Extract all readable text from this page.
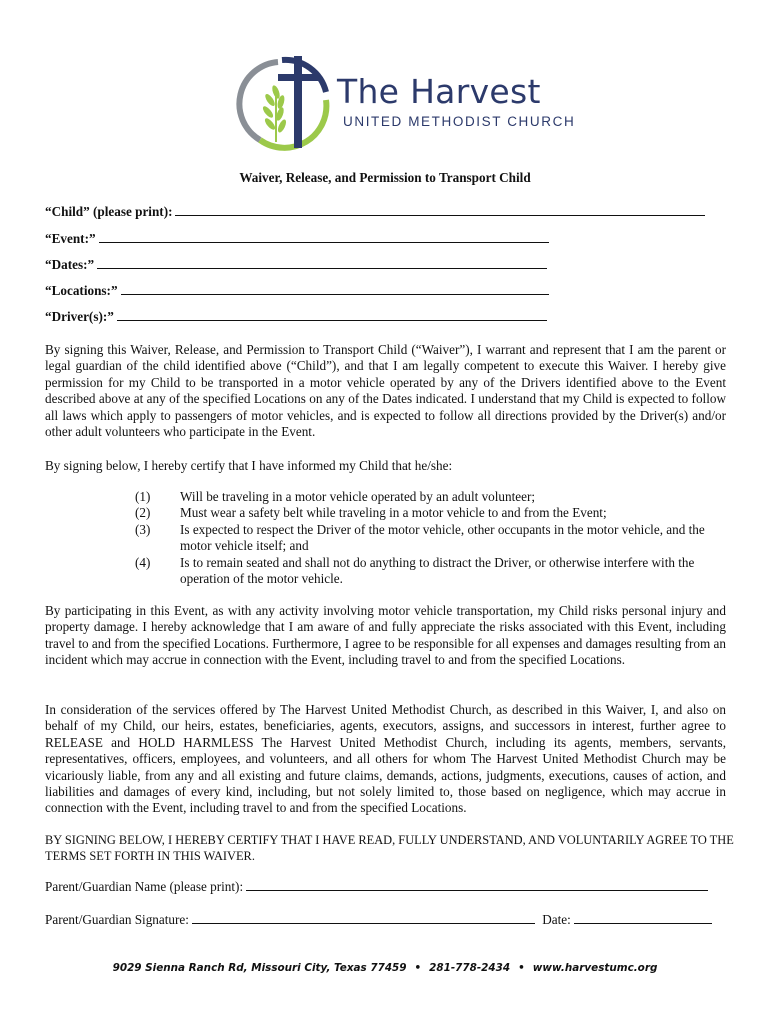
The Harvest
UNITED METHODIST CHURCH
Waiver, Release, and Permission to Transport Child
“Child” (please print):
“Event:”
“Dates:”
“Locations:”
“Driver(s):”

By signing this Waiver, Release, and Permission to Transport Child (“Waiver”), I warrant and represent that I am the parent or legal guardian of the child identified above (“Child”), and that I am legally competent to execute this Waiver. I hereby give permission for my Child to be transported in a motor vehicle operated by any of the Drivers identified above to the Event described above at any of the specified Locations on any of the Dates indicated. I understand that my Child is expected to follow all laws which apply to passengers of motor vehicles, and is expected to follow all directions provided by the Driver(s) and/or other adult volunteers who participate in the Event.

By signing below, I hereby certify that I have informed my Child that he/she:

(1)	Will be traveling in a motor vehicle operated by an adult volunteer;
(2)	Must wear a safety belt while traveling in a motor vehicle to and from the Event;
(3)	Is expected to respect the Driver of the motor vehicle, other occupants in the motor vehicle, and the motor vehicle itself; and
(4)	Is to remain seated and shall not do anything to distract the Driver, or otherwise interfere with the operation of the motor vehicle.

By participating in this Event, as with any activity involving motor vehicle transportation, my Child risks personal injury and property damage. I hereby acknowledge that I am aware of and fully appreciate the risks associated with this Event, including travel to and from the specified Locations. Furthermore, I agree to be responsible for all expenses and damages resulting from an incident which may accrue in connection with the Event, including travel to and from the specified Locations.

In consideration of the services offered by The Harvest United Methodist Church, as described in this Waiver, I, and also on behalf of my Child, our heirs, estates, beneficiaries, agents, executors, assigns, and successors in interest, further agree to RELEASE and HOLD HARMLESS The Harvest United Methodist Church, including its agents, members, servants, representatives, officers, employees, and volunteers, and all others for whom The Harvest United Methodist Church may be vicariously liable, from any and all existing and future claims, demands, actions, judgments, executions, causes of action, and liabilities and damages of every kind, including, but not solely limited to, those based on negligence, which may accrue in connection with the Event, including travel to and from the specified Locations.

BY SIGNING BELOW, I HEREBY CERTIFY THAT I HAVE READ, FULLY UNDERSTAND, AND VOLUNTARILY AGREE TO THE TERMS SET FORTH IN THIS WAIVER.

Parent/Guardian Name (please print):
Parent/Guardian Signature:	Date:
9029 Sienna Ranch Rd, Missouri City, Texas 77459 • 281-778-2434 • www.harvestumc.org
